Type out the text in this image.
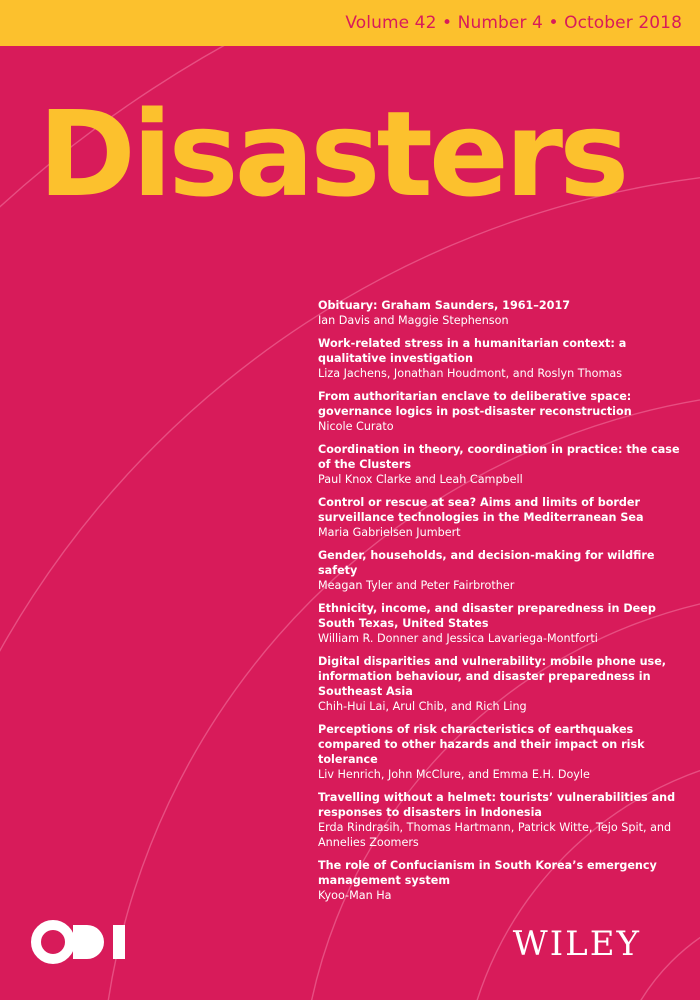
Volume 42 • Number 4 • October 2018
Disasters
Obituary: Graham Saunders, 1961–2017
Ian Davis and Maggie Stephenson
Work-related stress in a humanitarian context: a qualitative investigation
Liza Jachens, Jonathan Houdmont, and Roslyn Thomas
From authoritarian enclave to deliberative space: governance logics in post-disaster reconstruction
Nicole Curato
Coordination in theory, coordination in practice: the case of the Clusters
Paul Knox Clarke and Leah Campbell
Control or rescue at sea? Aims and limits of border surveillance technologies in the Mediterranean Sea
Maria Gabrielsen Jumbert
Gender, households, and decision-making for wildfire safety
Meagan Tyler and Peter Fairbrother
Ethnicity, income, and disaster preparedness in Deep South Texas, United States
William R. Donner and Jessica Lavariega-Montforti
Digital disparities and vulnerability: mobile phone use, information behaviour, and disaster preparedness in Southeast Asia
Chih-Hui Lai, Arul Chib, and Rich Ling
Perceptions of risk characteristics of earthquakes compared to other hazards and their impact on risk tolerance
Liv Henrich, John McClure, and Emma E.H. Doyle
Travelling without a helmet: tourists’ vulnerabilities and responses to disasters in Indonesia
Erda Rindrasih, Thomas Hartmann, Patrick Witte, Tejo Spit, and Annelies Zoomers
The role of Confucianism in South Korea’s emergency management system
Kyoo-Man Ha
WILEY
